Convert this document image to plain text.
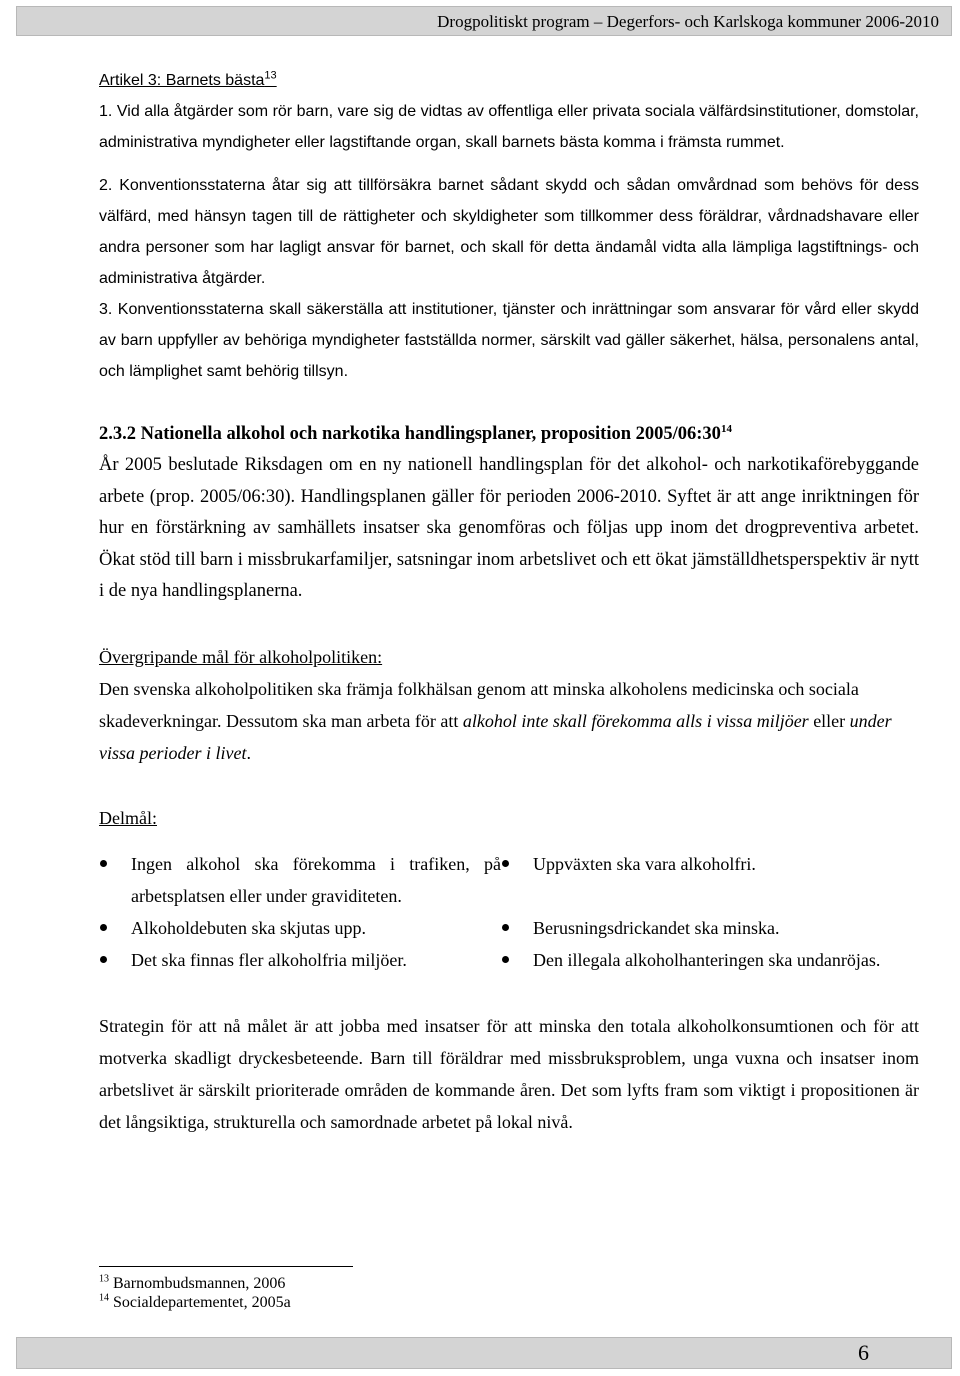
Drogpolitiskt program – Degerfors- och Karlskoga kommuner 2006-2010

Artikel 3: Barnets bästa$^{13}$

1. Vid alla åtgärder som rör barn, vare sig de vidtas av offentliga eller privata sociala välfärdsinstitutioner, domstolar, administrativa myndigheter eller lagstiftande organ, skall barnets bästa komma i främsta rummet.

2. Konventionsstaterna åtar sig att tillförsäkra barnet sådant skydd och sådan omvårdnad som behövs för dess välfärd, med hänsyn tagen till de rättigheter och skyldigheter som tillkommer dess föräldrar, vårdnadshavare eller andra personer som har lagligt ansvar för barnet, och skall för detta ändamål vidta alla lämpliga lagstiftnings- och administrativa åtgärder.

3. Konventionsstaterna skall säkerställa att institutioner, tjänster och inrättningar som ansvarar för vård eller skydd av barn uppfyller av behöriga myndigheter fastställda normer, särskilt vad gäller säkerhet, hälsa, personalens antal, och lämplighet samt behörig tillsyn.

2.3.2 Nationella alkohol och narkotika handlingsplaner, proposition $2005/06:30^{14}$

År 2005 beslutade Riksdagen om en ny nationell handlingsplan för det alkohol- och narkotikaförebyggande arbete (prop. 2005/06:30). Handlingsplanen gäller för perioden 2006-2010. Syftet är att ange inriktningen för hur en förstärkning av samhällets insatser ska genomföras och följas upp inom det drogpreventiva arbetet. Ökat stöd till barn i missbrukarfamiljer, satsningar inom arbetslivet och ett ökat jämställdhetsperspektiv är nytt i de nya handlingsplanerna.

Övergripande mål för alkoholpolitiken:

Den svenska alkoholpolitiken ska främja folkhälsan genom att minska alkoholens medicinska och sociala skadeverkningar. Dessutom ska man arbeta för att alkohol inte skall förekomma alls i vissa miljöer eller under vissa perioder i livet.

Delmål:

Ingen alkohol ska förekomma i trafiken, på arbetsplatsen eller under graviditeten.
Alkoholdebuten ska skjutas upp.
Det ska finnas fler alkoholfria miljöer.
Uppväxten ska vara alkoholfri.
Berusningsdrickandet ska minska.
Den illegala alkoholhanteringen ska undanröjas.

Strategin för att nå målet är att jobba med insatser för att minska den totala alkoholkonsumtionen och för att motverka skadligt dryckesbeteende. Barn till föräldrar med missbruksproblem, unga vuxna och insatser inom arbetslivet är särskilt prioriterade områden de kommande åren. Det som lyfts fram som viktigt i propositionen är det långsiktiga, strukturella och samordnade arbetet på lokal nivå.

$^{13}$ Barnombudsmannen, 2006
$^{14}$ Socialdepartementet, 2005a
6
